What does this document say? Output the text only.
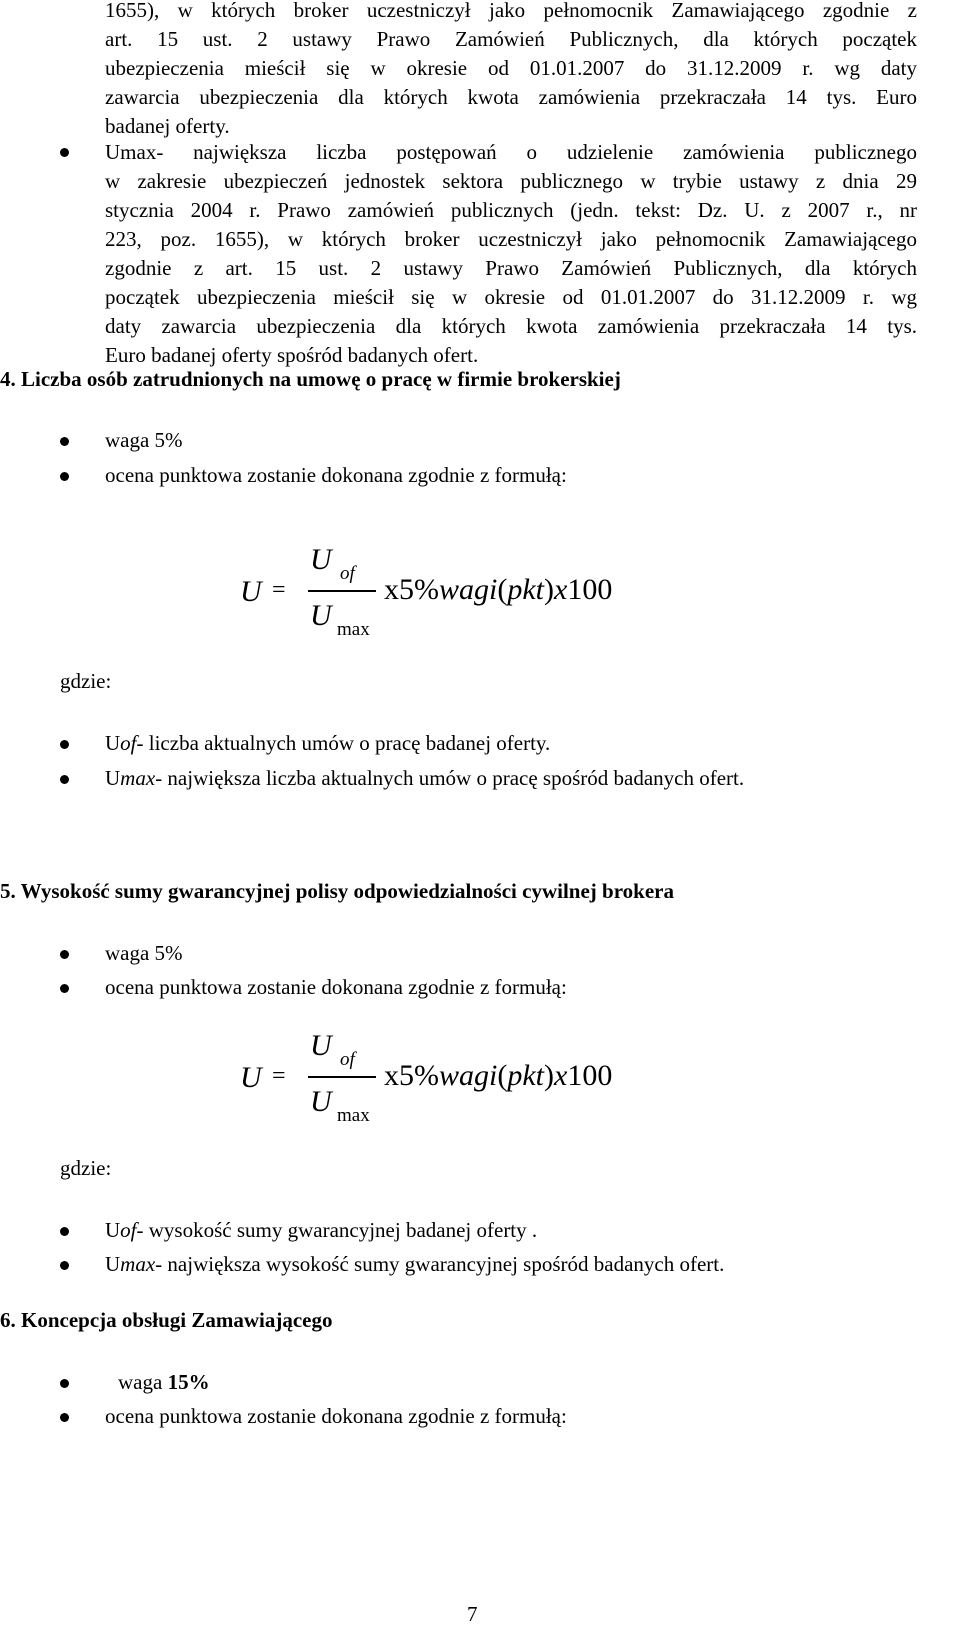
1655), w których broker uczestniczył jako pełnomocnik Zamawiającego zgodnie z
art. 15 ust. 2 ustawy Prawo Zamówień Publicznych, dla których początek
ubezpieczenia mieścił się w okresie od 01.01.2007 do 31.12.2009 r. wg daty
zawarcia ubezpieczenia dla których kwota zamówienia przekraczała 14 tys. Euro
badanej oferty.
Umax- największa liczba postępowań o udzielenie zamówienia publicznego
w zakresie ubezpieczeń jednostek sektora publicznego w trybie ustawy z dnia 29
stycznia 2004 r. Prawo zamówień publicznych (jedn. tekst: Dz. U. z 2007 r., nr
223, poz. 1655), w których broker uczestniczył jako pełnomocnik Zamawiającego
zgodnie z art. 15 ust. 2 ustawy Prawo Zamówień Publicznych, dla których
początek ubezpieczenia mieścił się w okresie od 01.01.2007 do 31.12.2009 r. wg
daty zawarcia ubezpieczenia dla których kwota zamówienia przekraczała 14 tys.
Euro badanej oferty spośród badanych ofert.
4. Liczba osób zatrudnionych na umowę o pracę w firmie brokerskiej
waga 5%
ocena punktowa zostanie dokonana zgodnie z formułą:
U =
U of
U max
x5%wagi(pkt)x100
gdzie:
Uof- liczba aktualnych umów o pracę badanej oferty.
Umax- największa liczba aktualnych umów o pracę spośród badanych ofert.
5. Wysokość sumy gwarancyjnej polisy odpowiedzialności cywilnej brokera
waga 5%
ocena punktowa zostanie dokonana zgodnie z formułą:
U =
U of
U max
x5%wagi(pkt)x100
gdzie:
Uof- wysokość sumy gwarancyjnej badanej oferty .
Umax- największa wysokość sumy gwarancyjnej spośród badanych ofert.
6. Koncepcja obsługi Zamawiającego
waga 15%
ocena punktowa zostanie dokonana zgodnie z formułą:
7
